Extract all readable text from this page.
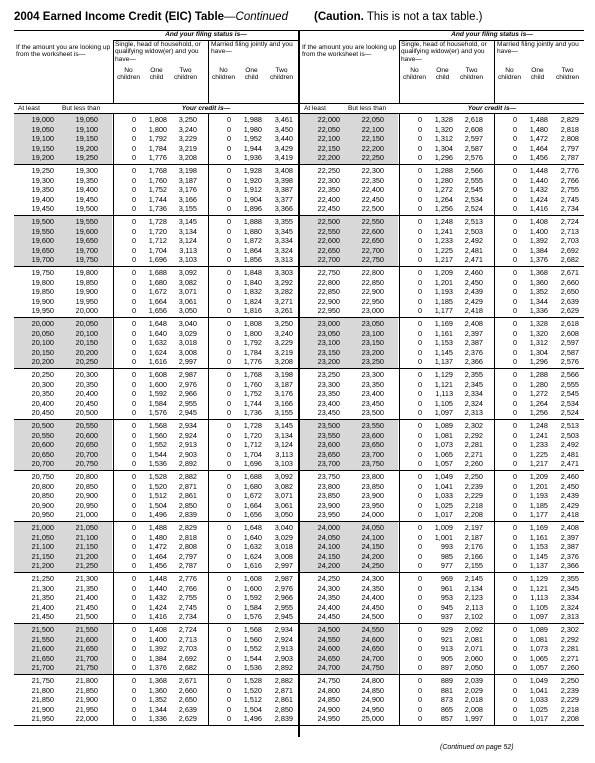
2004 Earned Income Credit (EIC) Table—Continued (Caution. This is not a tax table.)
If the amount you are looking up from the worksheet is—
And your filing status is—
Single, head of household, or qualifying widow(er) and you have—
Married filing jointly and you have—
No children
One child
Two children
No children
One child
Two children
At least	But less than	Your credit is—
19,000	19,050	0	1,808	3,250	0	1,988	3,461
19,050	19,100	0	1,800	3,240	0	1,980	3,450
19,100	19,150	0	1,792	3,229	0	1,952	3,440
19,150	19,200	0	1,784	3,219	0	1,944	3,429
19,200	19,250	0	1,776	3,208	0	1,936	3,419
19,250	19,300	0	1,768	3,198	0	1,928	3,408
19,300	19,350	0	1,760	3,187	0	1,920	3,398
19,350	19,400	0	1,752	3,176	0	1,912	3,387
19,400	19,450	0	1,744	3,166	0	1,904	3,377
19,450	19,500	0	1,736	3,155	0	1,896	3,366
19,500	19,550	0	1,728	3,145	0	1,888	3,355
19,550	19,600	0	1,720	3,134	0	1,880	3,345
19,600	19,650	0	1,712	3,124	0	1,872	3,334
19,650	19,700	0	1,704	3,113	0	1,864	3,324
19,700	19,750	0	1,696	3,103	0	1,856	3,313
19,750	19,800	0	1,688	3,092	0	1,848	3,303
19,800	19,850	0	1,680	3,082	0	1,840	3,292
19,850	19,900	0	1,672	3,071	0	1,832	3,282
19,900	19,950	0	1,664	3,061	0	1,824	3,271
19,950	20,000	0	1,656	3,050	0	1,816	3,261
20,000	20,050	0	1,648	3,040	0	1,808	3,250
20,050	20,100	0	1,640	3,029	0	1,800	3,240
20,100	20,150	0	1,632	3,018	0	1,792	3,229
20,150	20,200	0	1,624	3,008	0	1,784	3,219
20,200	20,250	0	1,616	2,997	0	1,776	3,208
20,250	20,300	0	1,608	2,987	0	1,768	3,198
20,300	20,350	0	1,600	2,976	0	1,760	3,187
20,350	20,400	0	1,592	2,966	0	1,752	3,176
20,400	20,450	0	1,584	2,955	0	1,744	3,166
20,450	20,500	0	1,576	2,945	0	1,736	3,155
20,500	20,550	0	1,568	2,934	0	1,728	3,145
20,550	20,600	0	1,560	2,924	0	1,720	3,134
20,600	20,650	0	1,552	2,913	0	1,712	3,124
20,650	20,700	0	1,544	2,903	0	1,704	3,113
20,700	20,750	0	1,536	2,892	0	1,696	3,103
20,750	20,800	0	1,528	2,882	0	1,688	3,092
20,800	20,850	0	1,520	2,871	0	1,680	3,082
20,850	20,900	0	1,512	2,861	0	1,672	3,071
20,900	20,950	0	1,504	2,850	0	1,664	3,061
20,950	21,000	0	1,496	2,839	0	1,656	3,050
21,000	21,050	0	1,488	2,829	0	1,648	3,040
21,050	21,100	0	1,480	2,818	0	1,640	3,029
21,100	21,150	0	1,472	2,808	0	1,632	3,018
21,150	21,200	0	1,464	2,797	0	1,624	3,008
21,200	21,250	0	1,456	2,787	0	1,616	2,997
21,250	21,300	0	1,448	2,776	0	1,608	2,987
21,300	21,350	0	1,440	2,766	0	1,600	2,976
21,350	21,400	0	1,432	2,755	0	1,592	2,966
21,400	21,450	0	1,424	2,745	0	1,584	2,955
21,450	21,500	0	1,416	2,734	0	1,576	2,945
21,500	21,550	0	1,408	2,724	0	1,568	2,934
21,550	21,600	0	1,400	2,713	0	1,560	2,924
21,600	21,650	0	1,392	2,703	0	1,552	2,913
21,650	21,700	0	1,384	2,692	0	1,544	2,903
21,700	21,750	0	1,376	2,682	0	1,536	2,892
21,750	21,800	0	1,368	2,671	0	1,528	2,882
21,800	21,850	0	1,360	2,660	0	1,520	2,871
21,850	21,900	0	1,352	2,650	0	1,512	2,861
21,900	21,950	0	1,344	2,639	0	1,504	2,850
21,950	22,000	0	1,336	2,629	0	1,496	2,839
If the amount you are looking up from the worksheet is—
And your filing status is—
Single, head of household, or qualifying widow(er) and you have—
Married filing jointly and you have—
No children
One child
Two children
No children
One child
Two children
At least	But less than	Your credit is—
22,000	22,050	0	1,328	2,618	0	1,488	2,829
22,050	22,100	0	1,320	2,608	0	1,480	2,818
22,100	22,150	0	1,312	2,597	0	1,472	2,808
22,150	22,200	0	1,304	2,587	0	1,464	2,797
22,200	22,250	0	1,296	2,576	0	1,456	2,787
22,250	22,300	0	1,288	2,566	0	1,448	2,776
22,300	22,350	0	1,280	2,555	0	1,440	2,766
22,350	22,400	0	1,272	2,545	0	1,432	2,755
22,400	22,450	0	1,264	2,534	0	1,424	2,745
22,450	22,500	0	1,256	2,524	0	1,416	2,734
22,500	22,550	0	1,248	2,513	0	1,408	2,724
22,550	22,600	0	1,241	2,503	0	1,400	2,713
22,600	22,650	0	1,233	2,492	0	1,392	2,703
22,650	22,700	0	1,225	2,481	0	1,384	2,692
22,700	22,750	0	1,217	2,471	0	1,376	2,682
22,750	22,800	0	1,209	2,460	0	1,368	2,671
22,800	22,850	0	1,201	2,450	0	1,360	2,660
22,850	22,900	0	1,193	2,439	0	1,352	2,650
22,900	22,950	0	1,185	2,429	0	1,344	2,639
22,950	23,000	0	1,177	2,418	0	1,336	2,629
23,000	23,050	0	1,169	2,408	0	1,328	2,618
23,050	23,100	0	1,161	2,397	0	1,320	2,608
23,100	23,150	0	1,153	2,387	0	1,312	2,597
23,150	23,200	0	1,145	2,376	0	1,304	2,587
23,200	23,250	0	1,137	2,366	0	1,296	2,576
23,250	23,300	0	1,129	2,355	0	1,288	2,566
23,300	23,350	0	1,121	2,345	0	1,280	2,555
23,350	23,400	0	1,113	2,334	0	1,272	2,545
23,400	23,450	0	1,105	2,324	0	1,264	2,534
23,450	23,500	0	1,097	2,313	0	1,256	2,524
23,500	23,550	0	1,089	2,302	0	1,248	2,513
23,550	23,600	0	1,081	2,292	0	1,241	2,503
23,600	23,650	0	1,073	2,281	0	1,233	2,492
23,650	23,700	0	1,065	2,271	0	1,225	2,481
23,700	23,750	0	1,057	2,260	0	1,217	2,471
23,750	23,800	0	1,049	2,250	0	1,209	2,460
23,800	23,850	0	1,041	2,239	0	1,201	2,450
23,850	23,900	0	1,033	2,229	0	1,193	2,439
23,900	23,950	0	1,025	2,218	0	1,185	2,429
23,950	24,000	0	1,017	2,208	0	1,177	2,418
24,000	24,050	0	1,009	2,197	0	1,169	2,408
24,050	24,100	0	1,001	2,187	0	1,161	2,397
24,100	24,150	0	993	2,176	0	1,153	2,387
24,150	24,200	0	985	2,166	0	1,145	2,376
24,200	24,250	0	977	2,155	0	1,137	2,366
24,250	24,300	0	969	2,145	0	1,129	2,355
24,300	24,350	0	961	2,134	0	1,121	2,345
24,350	24,400	0	953	2,123	0	1,113	2,334
24,400	24,450	0	945	2,113	0	1,105	2,324
24,450	24,500	0	937	2,102	0	1,097	2,313
24,500	24,550	0	929	2,092	0	1,089	2,302
24,550	24,600	0	921	2,081	0	1,081	2,292
24,600	24,650	0	913	2,071	0	1,073	2,281
24,650	24,700	0	905	2,060	0	1,065	2,271
24,700	24,750	0	897	2,050	0	1,057	2,260
24,750	24,800	0	889	2,039	0	1,049	2,250
24,800	24,850	0	881	2,029	0	1,041	2,239
24,850	24,900	0	873	2,018	0	1,033	2,229
24,900	24,950	0	865	2,008	0	1,025	2,218
24,950	25,000	0	857	1,997	0	1,017	2,208
(Continued on page 52)
